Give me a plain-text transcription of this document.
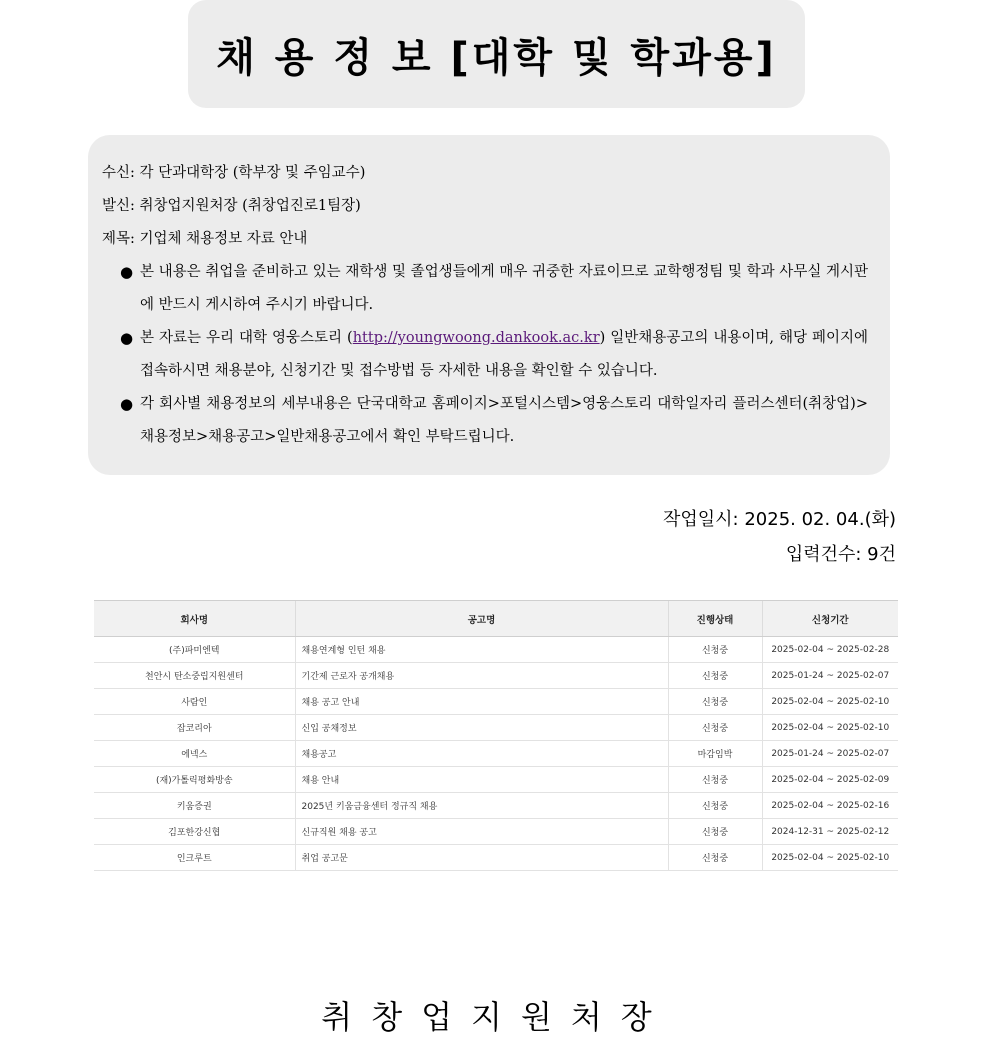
채 용 정 보 [대학 및 학과용]
수신: 각 단과대학장 (학부장 및 주임교수)
발신: 취창업지원처장 (취창업진로1팀장)
제목: 기업체 채용정보 자료 안내
● 본 내용은 취업을 준비하고 있는 재학생 및 졸업생들에게 매우 귀중한 자료이므로 교학행정팀 및 학과 사무실 게시판에 반드시 게시하여 주시기 바랍니다.
● 본 자료는 우리 대학 영웅스토리 (http://youngwoong.dankook.ac.kr) 일반채용공고의 내용이며, 해당 페이지에 접속하시면 채용분야, 신청기간 및 접수방법 등 자세한 내용을 확인할 수 있습니다.
● 각 회사별 채용정보의 세부내용은 단국대학교 홈페이지>포털시스템>영웅스토리 대학일자리 플러스센터(취창업)>채용정보>채용공고>일반채용공고에서 확인 부탁드립니다.
작업일시: 2025. 02. 04.(화)
입력건수: 9건
회사명	공고명	진행상태	신청기간
(주)파미엔텍	채용연계형 인턴 채용	신청중	2025-02-04 ~ 2025-02-28
천안시 탄소중립지원센터	기간제 근로자 공개채용	신청중	2025-01-24 ~ 2025-02-07
사람인	채용 공고 안내	신청중	2025-02-04 ~ 2025-02-10
잡코리아	신입 공채정보	신청중	2025-02-04 ~ 2025-02-10
에넥스	채용공고	마감임박	2025-01-24 ~ 2025-02-07
(재)가톨릭평화방송	채용 안내	신청중	2025-02-04 ~ 2025-02-09
키움증권	2025년 키움금융센터 정규직 채용	신청중	2025-02-04 ~ 2025-02-16
김포한강신협	신규직원 채용 공고	신청중	2024-12-31 ~ 2025-02-12
인크루트	취업 공고문	신청중	2025-02-04 ~ 2025-02-10
취창업지원처장
